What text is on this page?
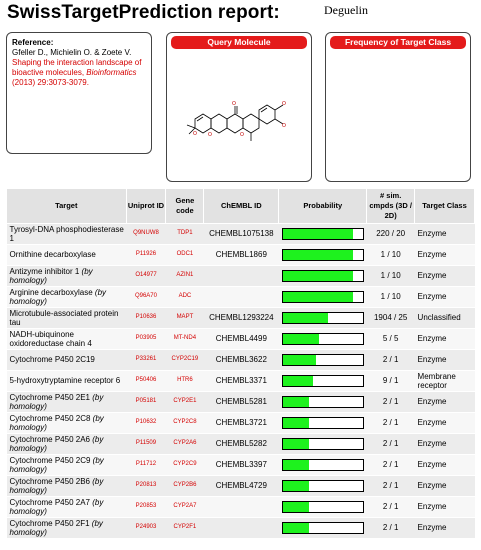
SwissTargetPrediction report:	Deguelin
Reference:
Gfeller D., Michielin O. & Zoete V.
Shaping the interaction landscape of bioactive molecules, Bioinformatics (2013) 29:3073-3079.
Query Molecule
O
O	O
O
O
O
Frequency of Target Class
Target	Uniprot ID	Gene code	ChEMBL ID	Probability	# sim. cmpds (3D / 2D)	Target Class
Tyrosyl-DNA phosphodiesterase 1	Q9NUW8	TDP1	CHEMBL1075138		220 / 20	Enzyme
Ornithine decarboxylase	P11926	ODC1	CHEMBL1869		1 / 10	Enzyme
Antizyme inhibitor 1 (by homology)	O14977	AZIN1			1 / 10	Enzyme
Arginine decarboxylase (by homology)	Q96A70	ADC			1 / 10	Enzyme
Microtubule-associated protein tau	P10636	MAPT	CHEMBL1293224		1904 / 25	Unclassified
NADH-ubiquinone oxidoreductase chain 4	P03905	MT-ND4	CHEMBL4499		5 / 5	Enzyme
Cytochrome P450 2C19	P33261	CYP2C19	CHEMBL3622		2 / 1	Enzyme
5-hydroxytryptamine receptor 6	P50406	HTR6	CHEMBL3371		9 / 1	Membrane receptor
Cytochrome P450 2E1 (by homology)	P05181	CYP2E1	CHEMBL5281		2 / 1	Enzyme
Cytochrome P450 2C8 (by homology)	P10632	CYP2C8	CHEMBL3721		2 / 1	Enzyme
Cytochrome P450 2A6 (by homology)	P11509	CYP2A6	CHEMBL5282		2 / 1	Enzyme
Cytochrome P450 2C9 (by homology)	P11712	CYP2C9	CHEMBL3397		2 / 1	Enzyme
Cytochrome P450 2B6 (by homology)	P20813	CYP2B6	CHEMBL4729		2 / 1	Enzyme
Cytochrome P450 2A7 (by homology)	P20853	CYP2A7			2 / 1	Enzyme
Cytochrome P450 2F1 (by homology)	P24903	CYP2F1			2 / 1	Enzyme
